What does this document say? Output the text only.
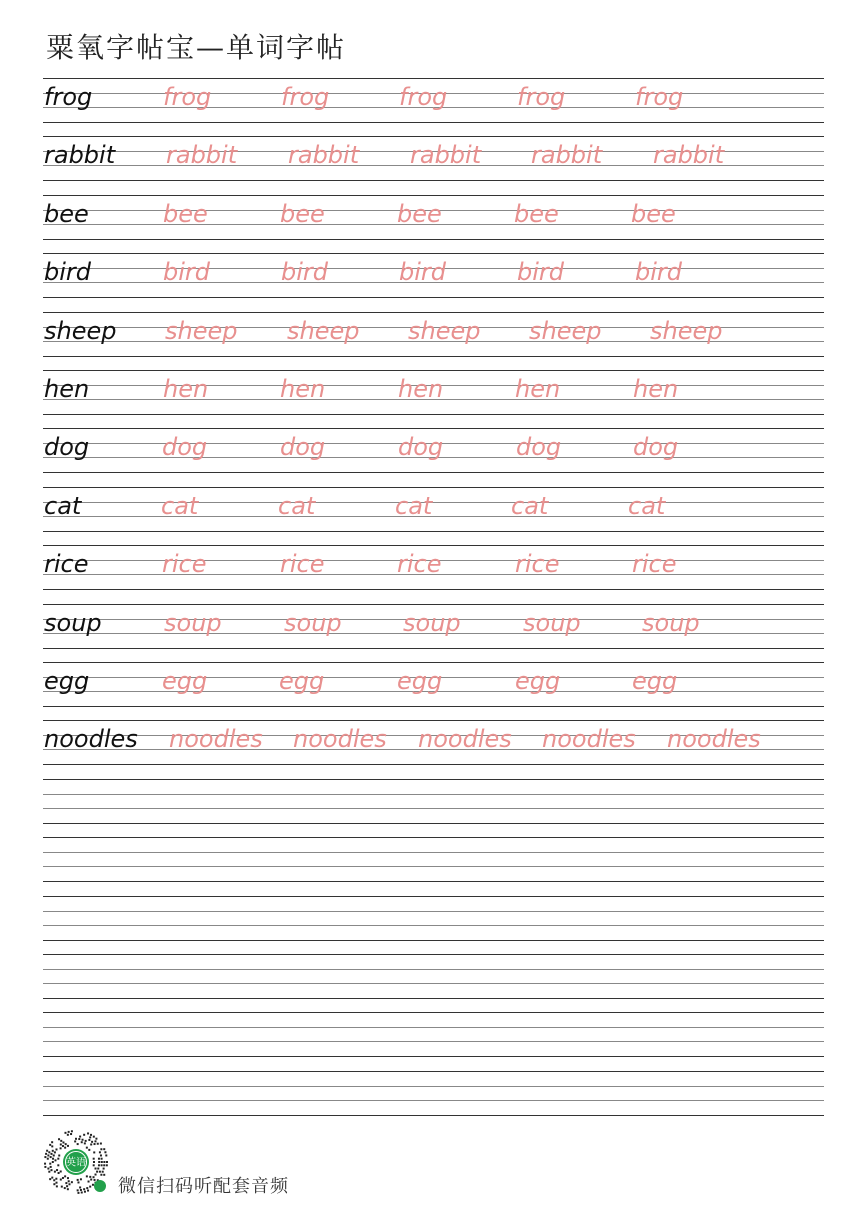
粟氧字帖宝—单词字帖
frog	frog	frog	frog	frog	frog
rabbit rabbit rabbit rabbit rabbit rabbit
bee	bee	bee	bee	bee	bee
bird	bird	bird	bird	bird	bird
sheep sheep sheep sheep sheep sheep
hen	hen	hen	hen	hen	hen
dog	dog	dog	dog	dog	dog
cat	cat	cat	cat	cat	cat
rice	rice	rice	rice	rice	rice
soup	soup	soup	soup	soup	soup
egg	egg	egg	egg	egg	egg
noodles noodles noodles noodles noodles noodles
英语
微信扫码听配套音频
